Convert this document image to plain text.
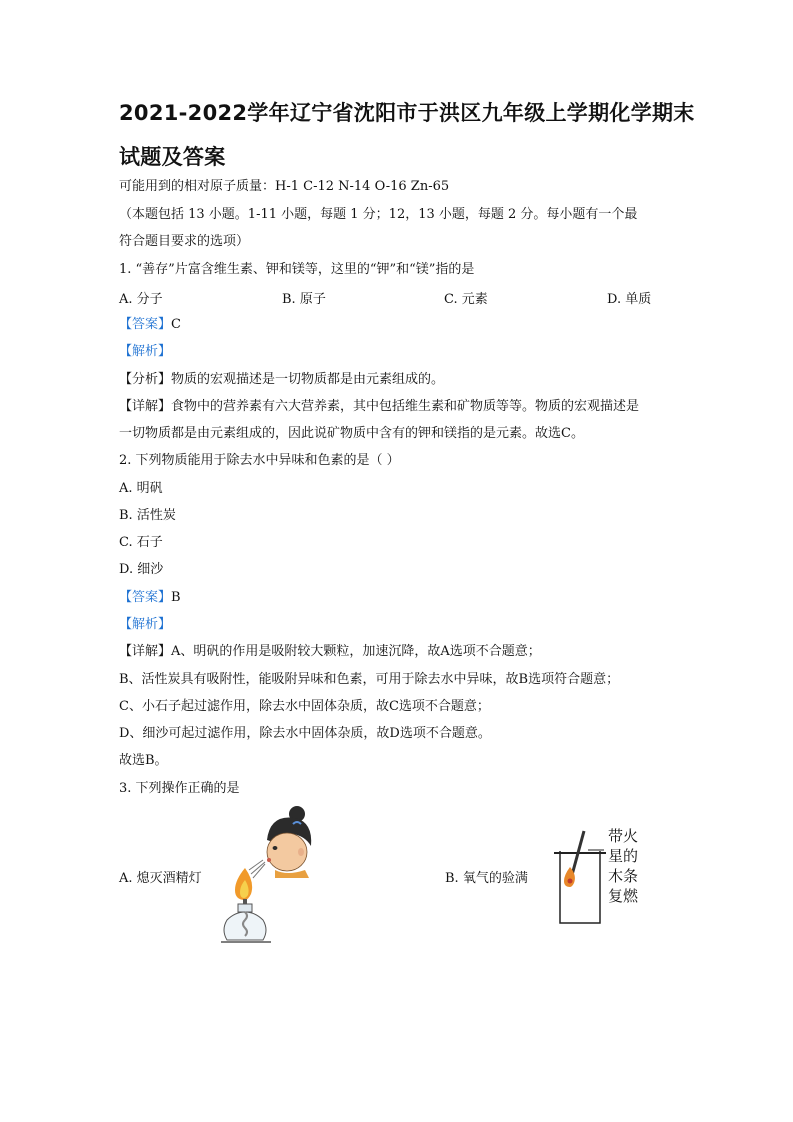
2021-2022学年辽宁省沈阳市于洪区九年级上学期化学期末
试题及答案
可能用到的相对原子质量：H-1 C-12 N-14 O-16 Zn-65
（本题包括 13 小题。1-11 小题，每题 1 分；12，13 小题，每题 2 分。每小题有一个最
符合题目要求的选项）
1. “善存”片富含维生素、钾和镁等，这里的“钾”和“镁”指的是
A. 分子	B. 原子	C. 元素	D. 单质
【答案】C
【解析】
【分析】物质的宏观描述是一切物质都是由元素组成的。
【详解】食物中的营养素有六大营养素，其中包括维生素和矿物质等等。物质的宏观描述是
一切物质都是由元素组成的，因此说矿物质中含有的钾和镁指的是元素。故选C。
2. 下列物质能用于除去水中异味和色素的是（ ）
A. 明矾
B. 活性炭
C. 石子
D. 细沙
【答案】B
【解析】
【详解】A、明矾的作用是吸附较大颗粒，加速沉降，故A选项不合题意；
B、活性炭具有吸附性，能吸附异味和色素，可用于除去水中异味，故B选项符合题意；
C、小石子起过滤作用，除去水中固体杂质，故C选项不合题意；
D、细沙可起过滤作用，除去水中固体杂质，故D选项不合题意。
故选B。
3. 下列操作正确的是
A. 熄灭酒精灯	B. 氧气的验满
带火
星的
木条
复燃
